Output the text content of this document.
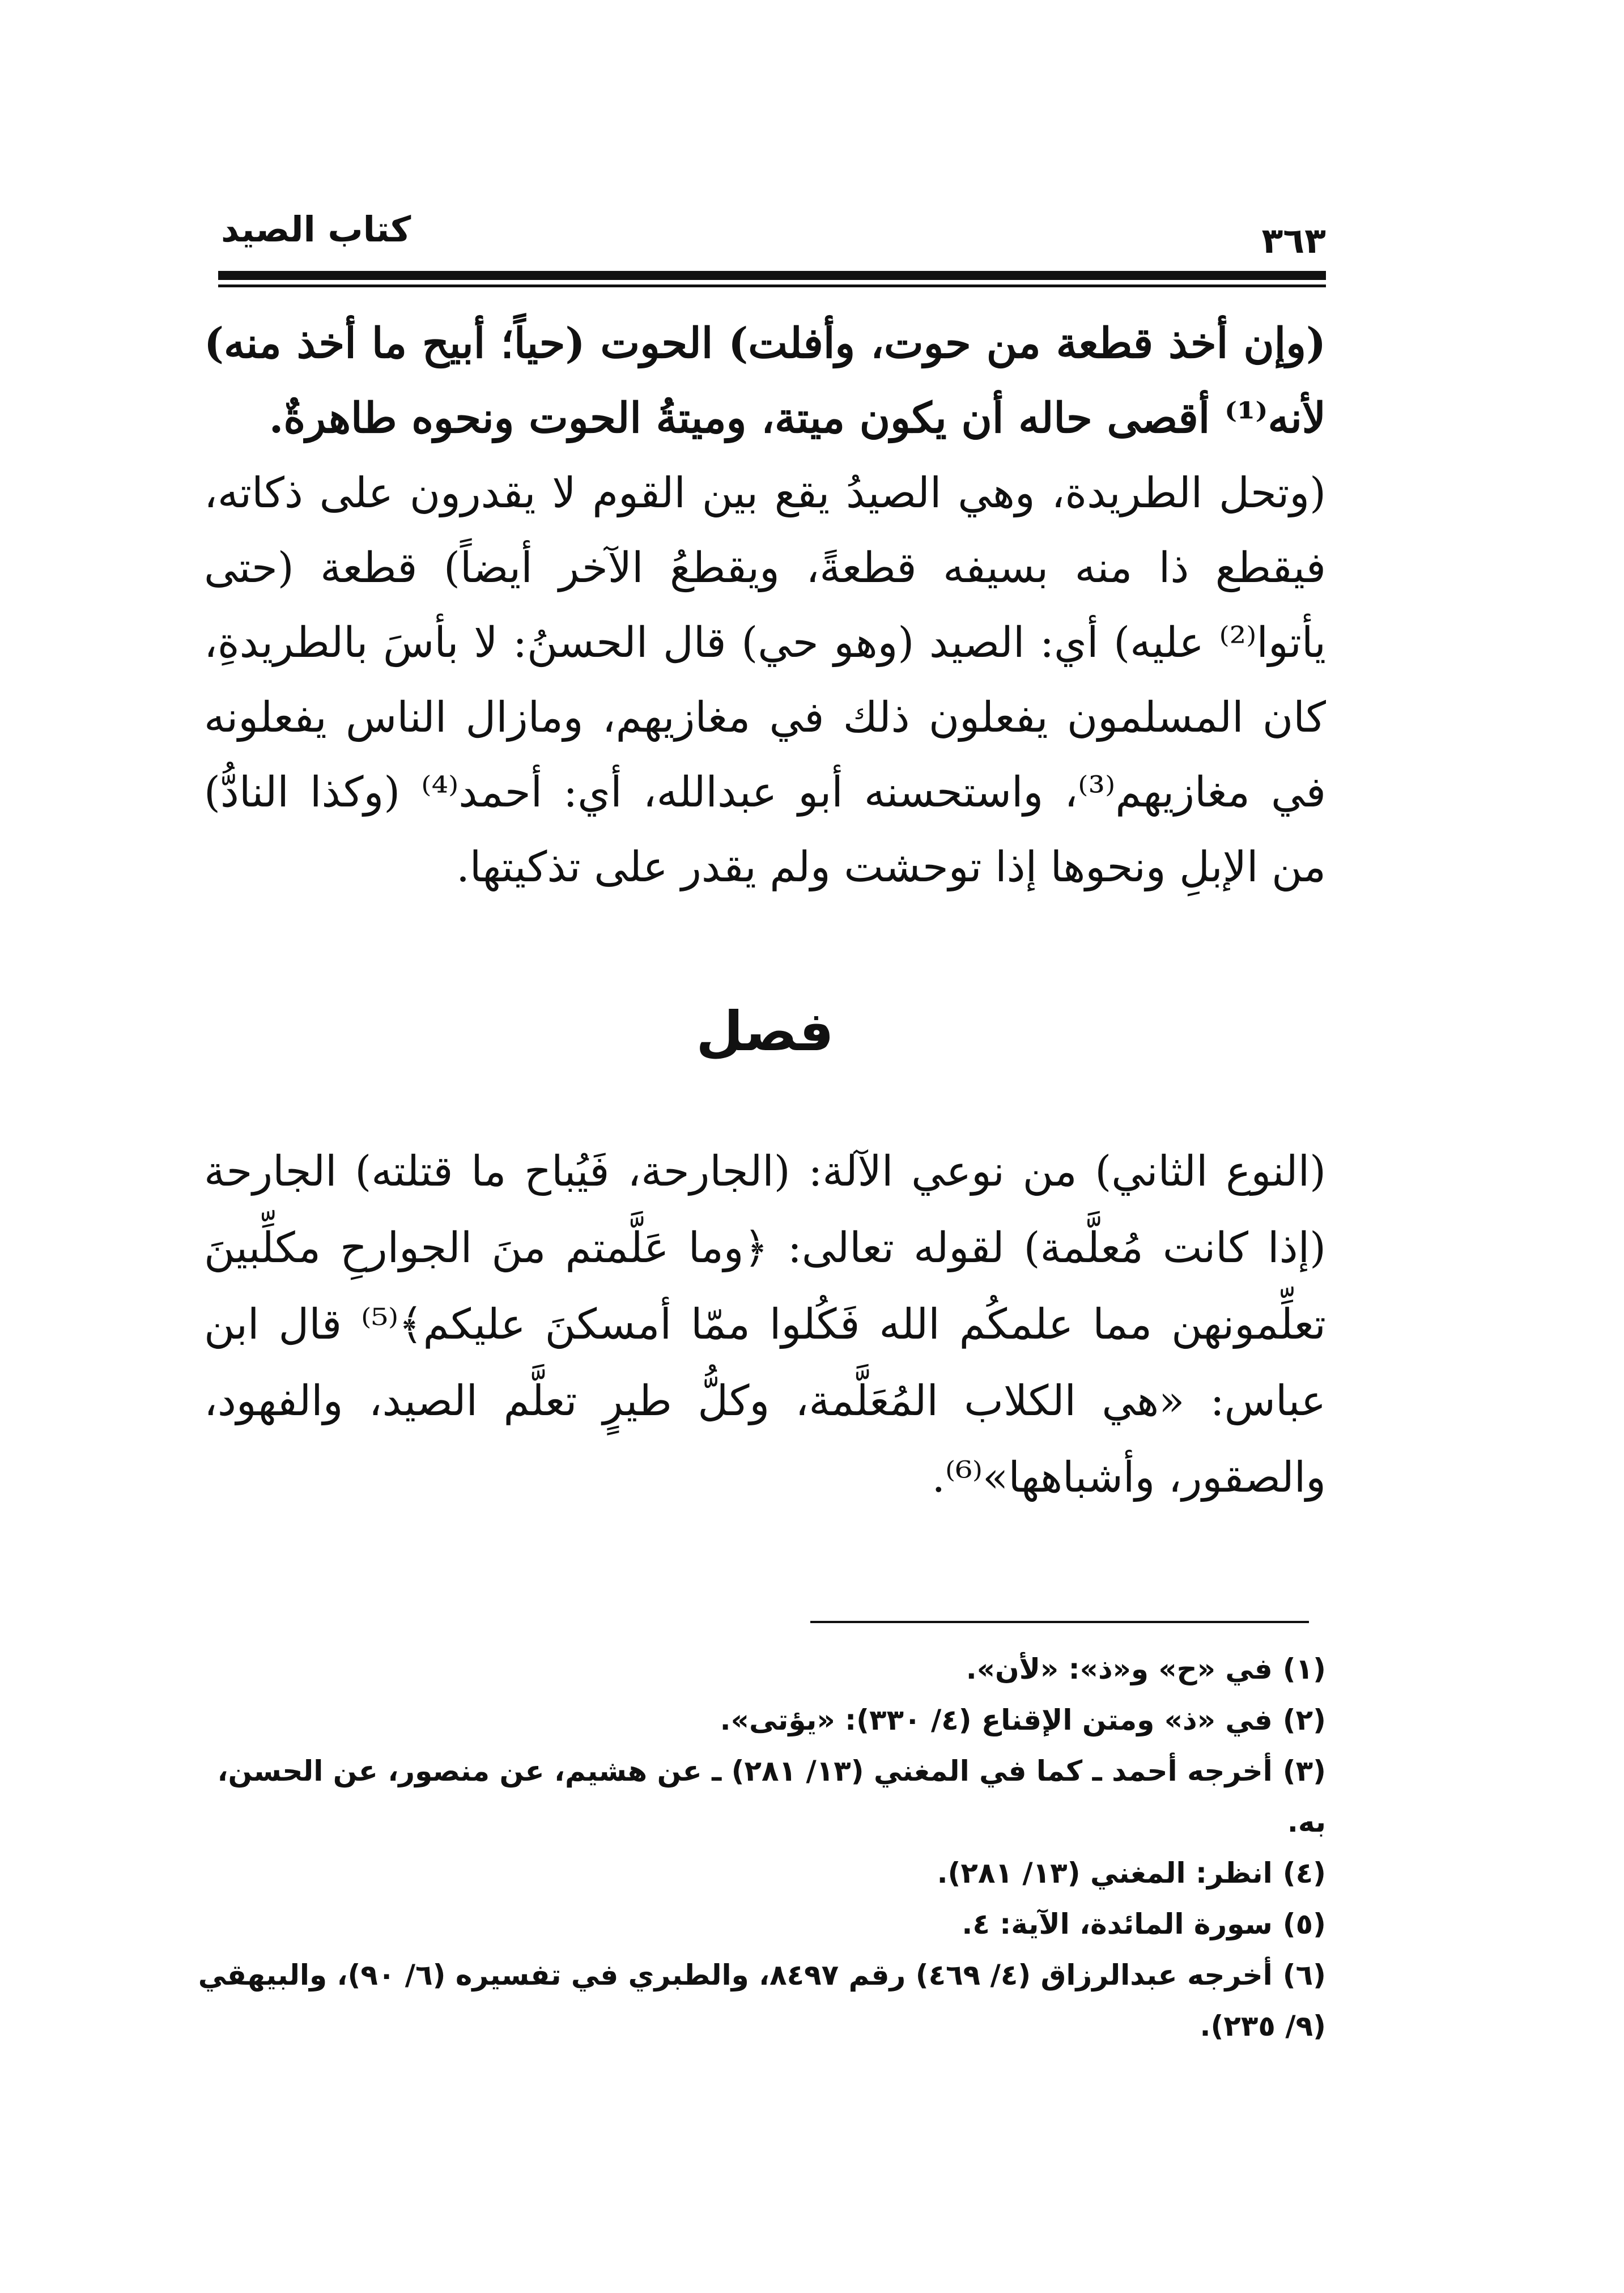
كتاب الصيد	٣٦٣

(وإن أخذ قطعة من حوت، وأفلت) الحوت (حياً؛ أبيح ما أخذ منه) لأنه⁽¹⁾ أقصى حاله أن يكون ميتة، وميتةُ الحوت ونحوه طاهرةٌ.

(وتحل الطريدة، وهي الصيدُ يقع بين القوم لا يقدرون على ذكاته، فيقطع ذا منه بسيفه قطعةً، ويقطعُ الآخر أيضاً) قطعة (حتى يأتوا⁽²⁾ عليه) أي: الصيد (وهو حي) قال الحسنُ: لا بأسَ بالطريدةِ، كان المسلمون يفعلون ذلك في مغازيهم، ومازال الناس يفعلونه في مغازيهم⁽³⁾، واستحسنه أبو عبدالله، أي: أحمد⁽⁴⁾ (وكذا النادُّ) من الإبلِ ونحوها إذا توحشت ولم يقدر على تذكيتها.

فصل

(النوع الثاني) من نوعي الآلة: (الجارحة، فَيُباح ما قتلته) الجارحة (إذا كانت مُعلَّمة) لقوله تعالى: ﴿وما عَلَّمتم منَ الجوارحِ مكلِّبينَ تعلِّمونهن مما علمكُم الله فَكُلوا ممّا أمسكنَ عليكم﴾⁽⁵⁾ قال ابن عباس: «هي الكلاب المُعَلَّمة، وكلُّ طيرٍ تعلَّم الصيد، والفهود، والصقور، وأشباهها»⁽⁶⁾.

(١)في «ح» و«ذ»: «لأن».

(٢)في «ذ» ومتن الإقناع (٤/ ٣٣٠): «يؤتى».

(٣)أخرجه أحمد ـ كما في المغني (١٣/ ٢٨١) ـ عن هشيم، عن منصور، عن الحسن، به.

(٤)انظر: المغني (١٣/ ٢٨١).

(٥)سورة المائدة، الآية: ٤.

(٦)أخرجه عبدالرزاق (٤/ ٤٦٩) رقم ٨٤٩٧، والطبري في تفسيره (٦/ ٩٠)، والبيهقي (٩/ ٢٣٥).
